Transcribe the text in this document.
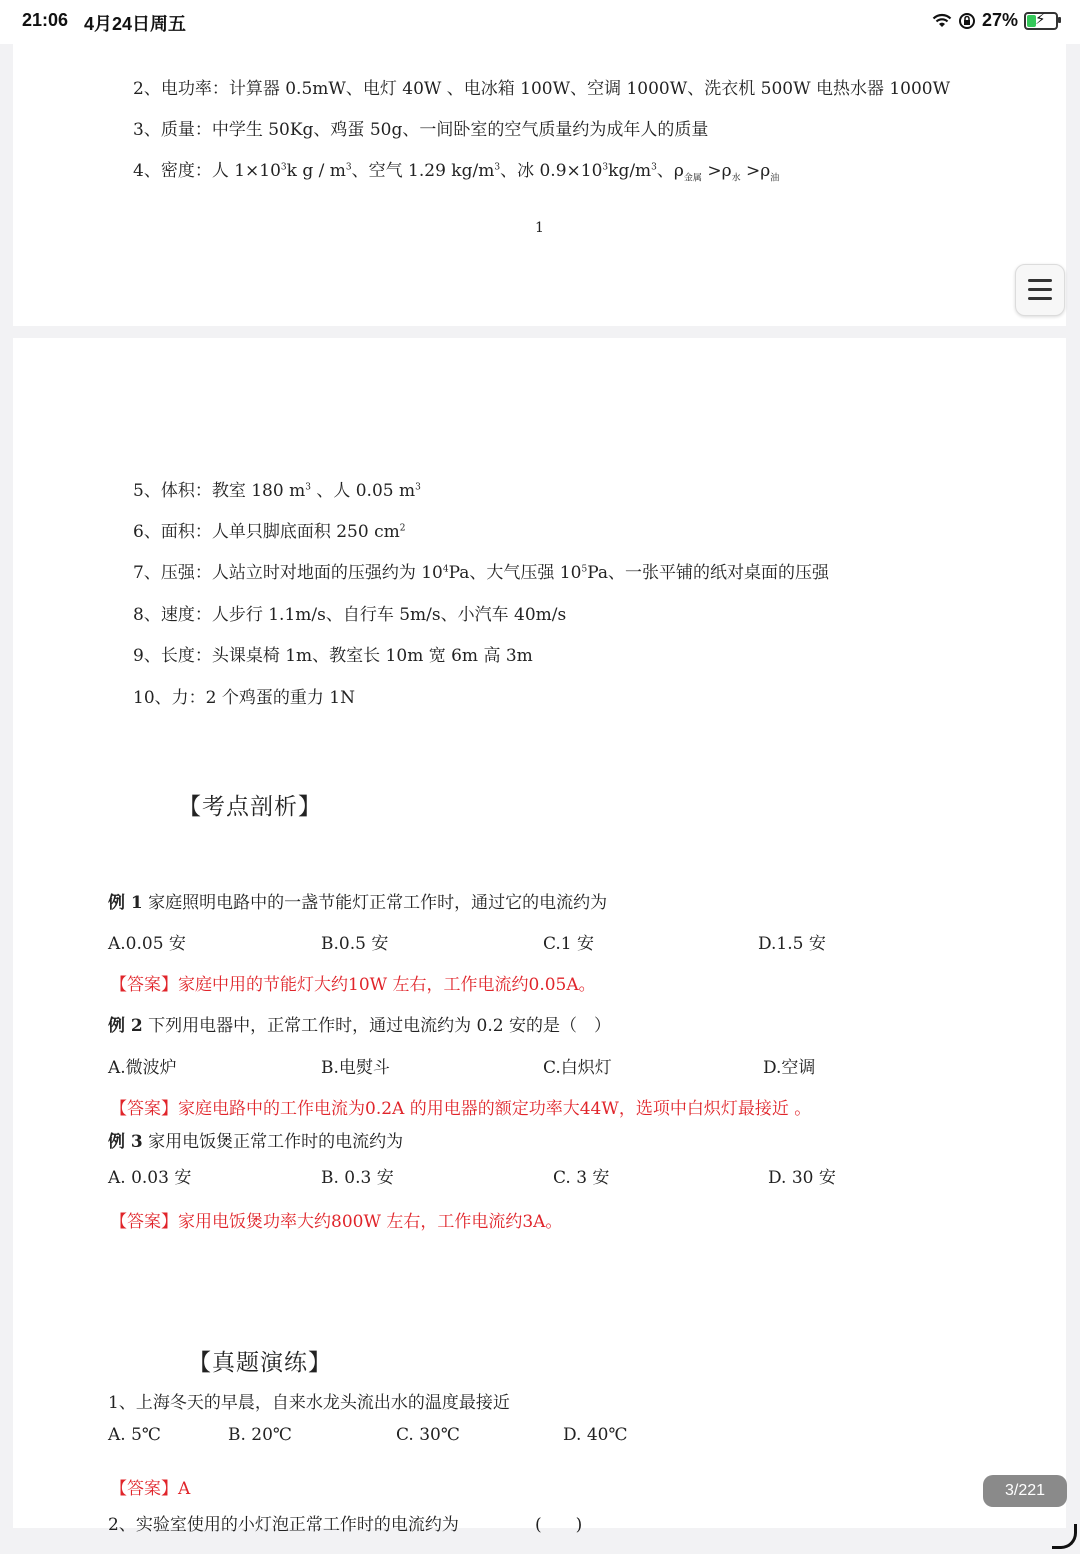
21:06 4月24日周五	27% ⚡
2、电功率：计算器 0.5mW、电灯 40W 、电冰箱 100W、空调 1000W、洗衣机 500W 电热水器 1000W
3、质量：中学生 50Kg、鸡蛋 50g、一间卧室的空气质量约为成年人的质量
4、密度：人 $1\times 10^3k$ g / $m^3$、空气 1.29 $kg/m^3$、冰 $0.9\times 10^3kg/m^3$、$\rho_{金属} >\rho_水 >\rho_油$
1
5、体积：教室 180 $m^3$ 、人 0.05 $m^3$
6、面积：人单只脚底面积 250 $cm^2$
7、压强：人站立时对地面的压强约为 $10^4Pa$、大气压强 $10^5Pa$、一张平铺的纸对桌面的压强
8、速度：人步行 1.1m/s、自行车 5m/s、小汽车 40m/s
9、长度：头课桌椅 1m、教室长 10m 宽 6m 高 3m
10、力：2 个鸡蛋的重力 1N
【考点剖析】
例 1 家庭照明电路中的一盏节能灯正常工作时，通过它的电流约为
A.0.05 安	B.0.5 安	C.1 安	D.1.5 安
【答案】家庭中用的节能灯大约10W 左右，工作电流约0.05A。
例 2 下列用电器中，正常工作时，通过电流约为 0.2 安的是（　）
A.微波炉	B.电熨斗	C.白炽灯	D.空调
【答案】家庭电路中的工作电流为0.2A 的用电器的额定功率大44W，选项中白炽灯最接近 。
例 3 家用电饭煲正常工作时的电流约为
A. 0.03 安	B. 0.3 安	C. 3 安	D. 30 安
【答案】家用电饭煲功率大约800W 左右，工作电流约3A。
【真题演练】
1、上海冬天的早晨，自来水龙头流出水的温度最接近
A. 5℃	B. 20℃	C. 30℃	D. 40℃
【答案】A
2、实验室使用的小灯泡正常工作时的电流约为	(　　)
3/221
